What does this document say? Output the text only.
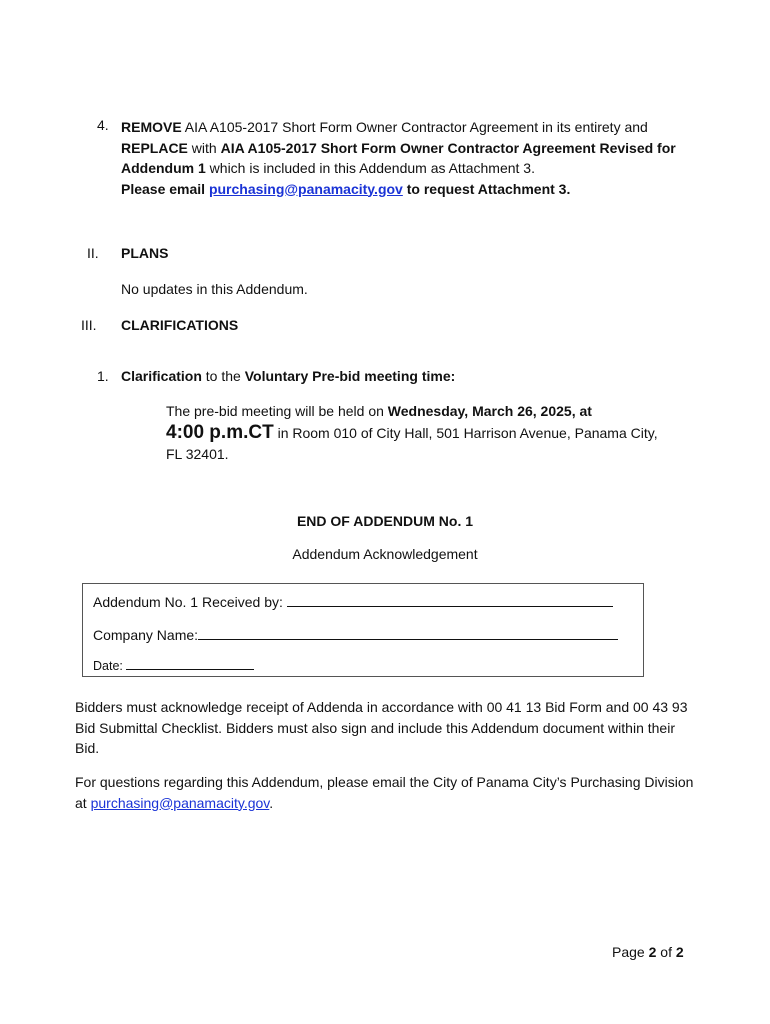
4. REMOVE AIA A105-2017 Short Form Owner Contractor Agreement in its entirety and REPLACE with AIA A105-2017 Short Form Owner Contractor Agreement Revised for Addendum 1 which is included in this Addendum as Attachment 3.
Please email purchasing@panamacity.gov to request Attachment 3.
II. PLANS
No updates in this Addendum.
III. CLARIFICATIONS
1. Clarification to the Voluntary Pre-bid meeting time:
The pre-bid meeting will be held on Wednesday, March 26, 2025, at
4:00 p.m.CT in Room 010 of City Hall, 501 Harrison Avenue, Panama City, FL 32401.
END OF ADDENDUM No. 1
Addendum Acknowledgement
Addendum No. 1 Received by:
Company Name:
Date:
Bidders must acknowledge receipt of Addenda in accordance with 00 41 13 Bid Form and 00 43 93 Bid Submittal Checklist. Bidders must also sign and include this Addendum document within their Bid.
For questions regarding this Addendum, please email the City of Panama City’s Purchasing Division at purchasing@panamacity.gov.
Page 2 of 2
